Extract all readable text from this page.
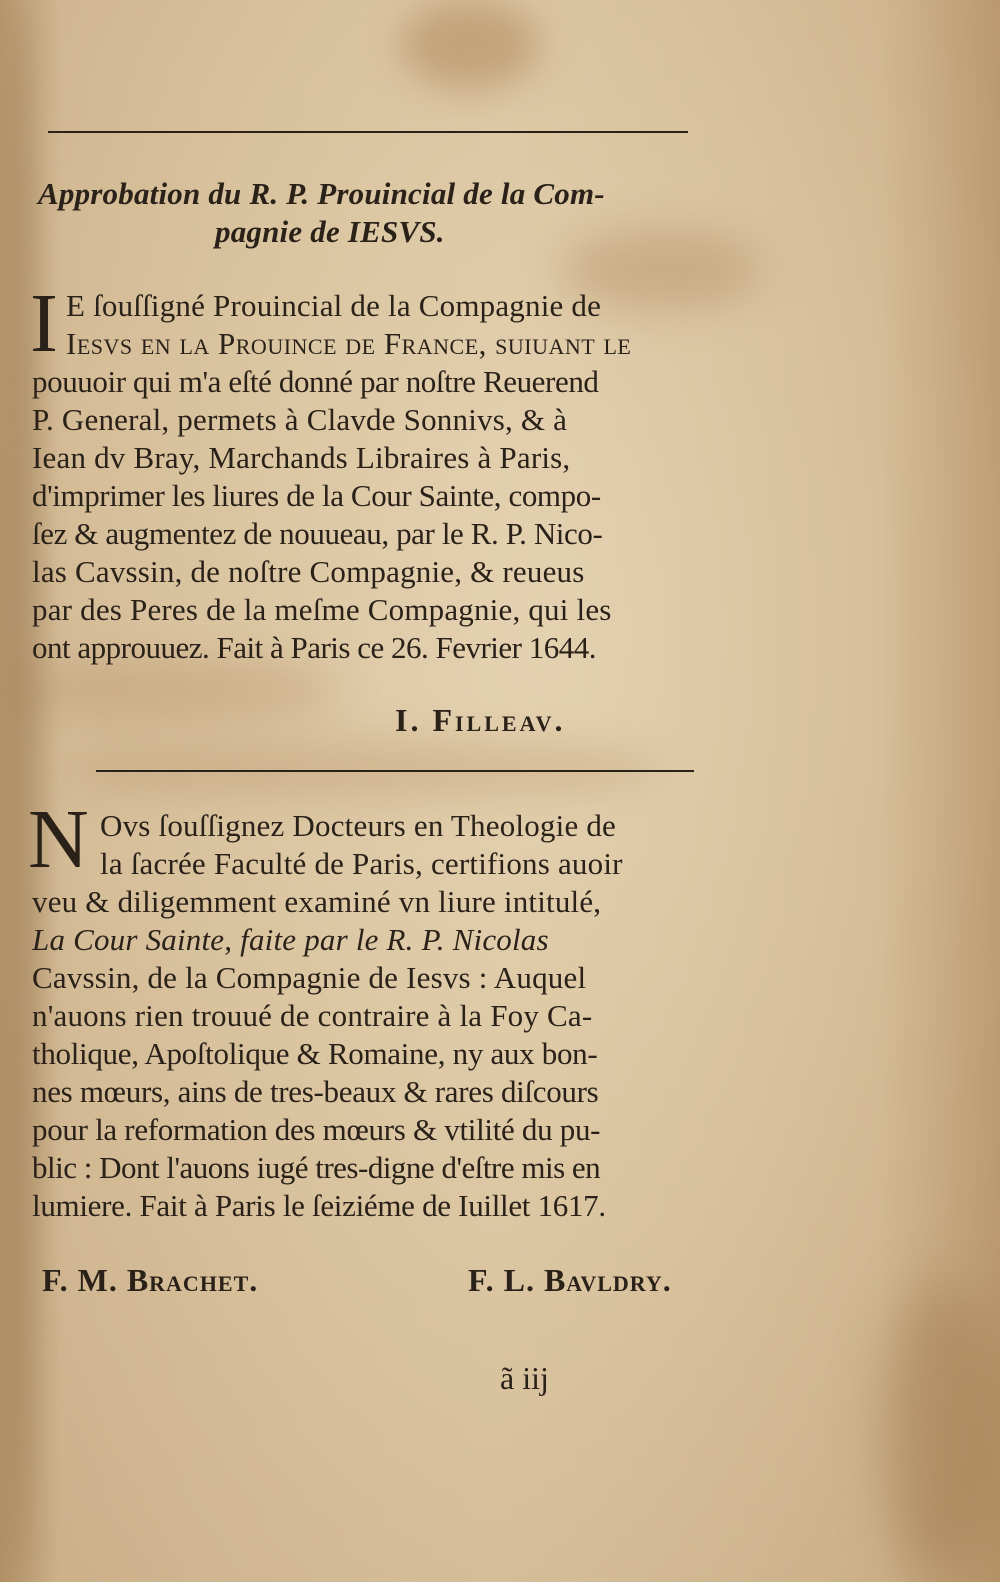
Approbation du R. P. Prouincial de la Com-
pagnie de IESVS.
I E ſouſſigné Prouincial de la Compagnie de
Iesvs en la Prouince de France, ſuiuant le
pouuoir qui m'a eſté donné par noſtre Reuerend
P. General, permets à Clavde Sonnivs, & à
Iean dv Bray, Marchands Libraires à Paris,
d'imprimer les liures de la Cour Sainte, compo-
ſez & augmentez de nouueau, par le R. P. Nico-
las Cavssin, de noſtre Compagnie, & reueus
par des Peres de la meſme Compagnie, qui les
ont approuuez. Fait à Paris ce 26. Fevrier 1644.
I. Filleav.
N Ovs ſouſſignez Docteurs en Theologie de
la ſacrée Faculté de Paris, certifions auoir
veu & diligemment examiné vn liure intitulé,
La Cour Sainte, faite par le R. P. Nicolas
Cavssin, de la Compagnie de Iesvs : Auquel
n'auons rien trouué de contraire à la Foy Ca-
tholique, Apoſtolique & Romaine, ny aux bon-
nes mœurs, ains de tres-beaux & rares diſcours
pour la reformation des mœurs & vtilité du pu-
blic : Dont l'auons iugé tres-digne d'eſtre mis en
lumiere. Fait à Paris le ſeiziéme de Iuillet 1617.
F. M. Brachet.	F. L. Bavldry.
ã iij
